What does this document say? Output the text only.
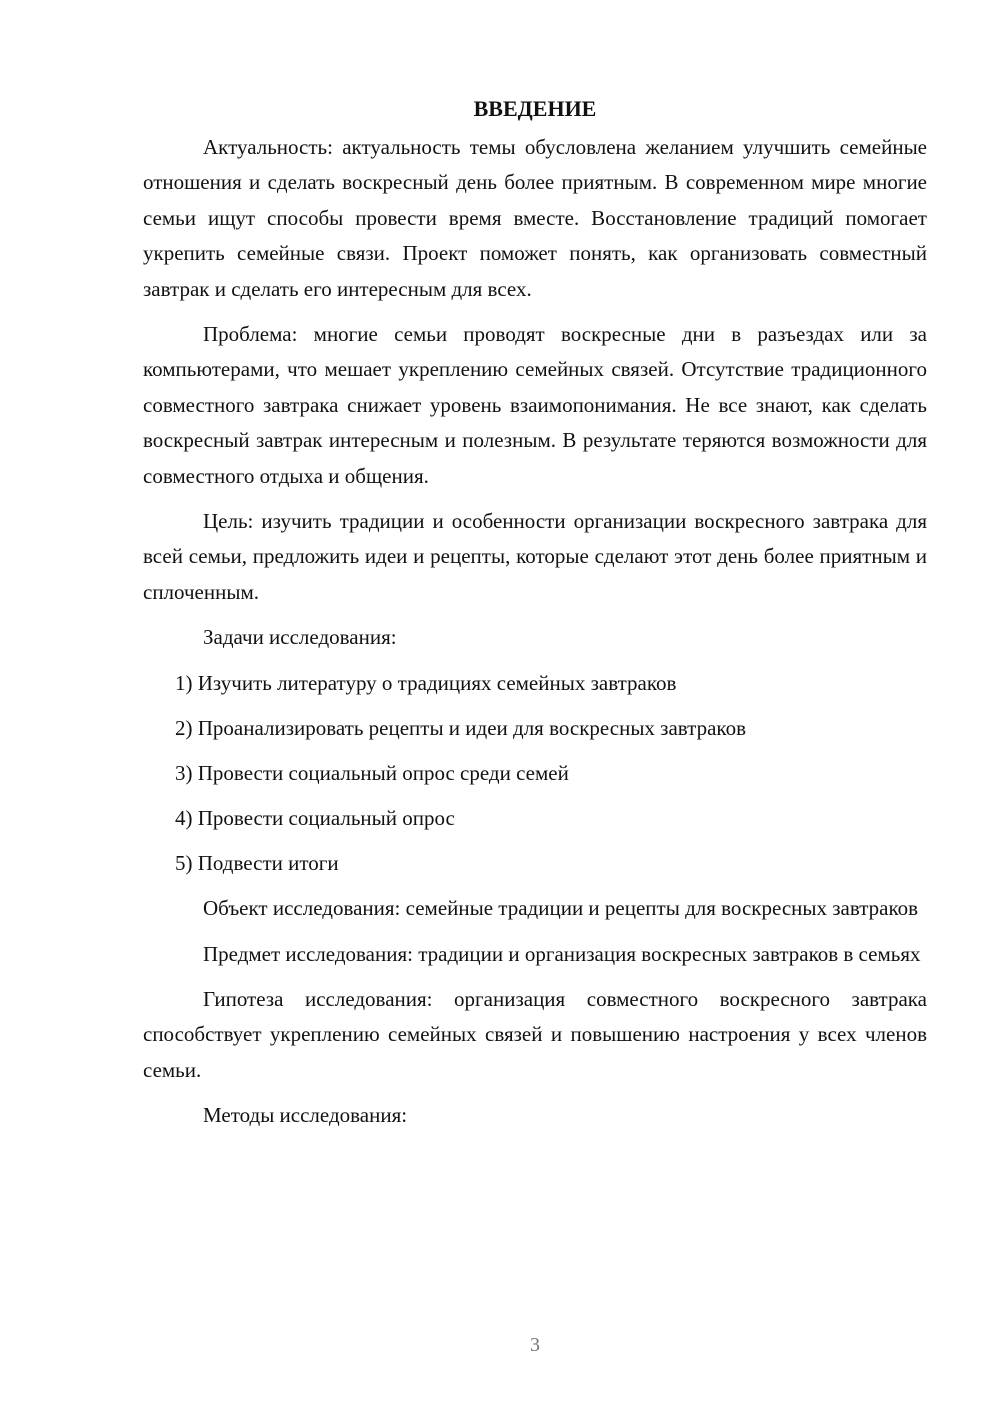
ВВЕДЕНИЕ

Актуальность: актуальность темы обусловлена желанием улучшить семейные отношения и сделать воскресный день более приятным. В современном мире многие семьи ищут способы провести время вместе. Восстановление традиций помогает укрепить семейные связи. Проект поможет понять, как организовать совместный завтрак и сделать его интересным для всех.

Проблема: многие семьи проводят воскресные дни в разъездах или за компьютерами, что мешает укреплению семейных связей. Отсутствие традиционного совместного завтрака снижает уровень взаимопонимания. Не все знают, как сделать воскресный завтрак интересным и полезным. В результате теряются возможности для совместного отдыха и общения.

Цель: изучить традиции и особенности организации воскресного завтрака для всей семьи, предложить идеи и рецепты, которые сделают этот день более приятным и сплоченным.

Задачи исследования:

1) Изучить литературу о традициях семейных завтраков
2) Проанализировать рецепты и идеи для воскресных завтраков
3) Провести социальный опрос среди семей
4) Провести социальный опрос
5) Подвести итоги

Объект исследования: семейные традиции и рецепты для воскресных завтраков

Предмет исследования: традиции и организация воскресных завтраков в семьях

Гипотеза исследования: организация совместного воскресного завтрака способствует укреплению семейных связей и повышению настроения у всех членов семьи.

Методы исследования:

3
